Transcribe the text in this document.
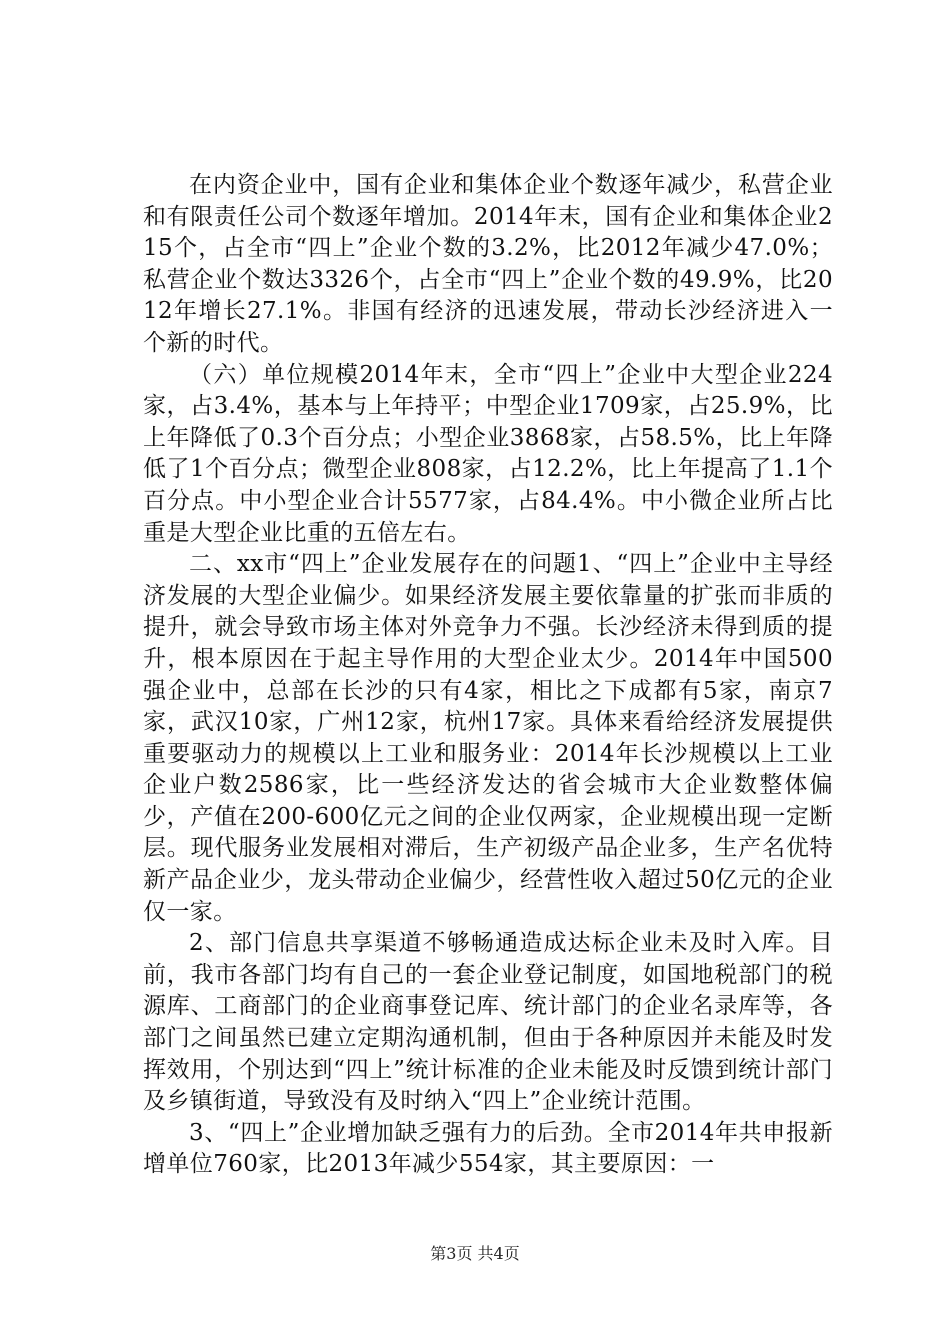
在内资企业中，国有企业和集体企业个数逐年减少，私营企业和有限责任公司个数逐年增加。2014年末，国有企业和集体企业215个，占全市“四上”企业个数的3.2%，比2012年减少47.0%；私营企业个数达3326个，占全市“四上”企业个数的49.9%，比2012年增长27.1%。非国有经济的迅速发展，带动长沙经济进入一个新的时代。

（六）单位规模2014年末，全市“四上”企业中大型企业224家，占3.4%，基本与上年持平；中型企业1709家，占25.9%，比上年降低了0.3个百分点；小型企业3868家，占58.5%，比上年降低了1个百分点；微型企业808家，占12.2%，比上年提高了1.1个百分点。中小型企业合计5577家，占84.4%。中小微企业所占比重是大型企业比重的五倍左右。

二、xx市“四上”企业发展存在的问题1、“四上”企业中主导经济发展的大型企业偏少。如果经济发展主要依靠量的扩张而非质的提升，就会导致市场主体对外竞争力不强。长沙经济未得到质的提升，根本原因在于起主导作用的大型企业太少。2014年中国500强企业中，总部在长沙的只有4家，相比之下成都有5家，南京7家，武汉10家，广州12家，杭州17家。具体来看给经济发展提供重要驱动力的规模以上工业和服务业：2014年长沙规模以上工业企业户数2586家，比一些经济发达的省会城市大企业数整体偏少，产值在200-600亿元之间的企业仅两家，企业规模出现一定断层。现代服务业发展相对滞后，生产初级产品企业多，生产名优特新产品企业少，龙头带动企业偏少，经营性收入超过50亿元的企业仅一家。

2、部门信息共享渠道不够畅通造成达标企业未及时入库。目前，我市各部门均有自己的一套企业登记制度，如国地税部门的税源库、工商部门的企业商事登记库、统计部门的企业名录库等，各部门之间虽然已建立定期沟通机制，但由于各种原因并未能及时发挥效用，个别达到“四上”统计标准的企业未能及时反馈到统计部门及乡镇街道，导致没有及时纳入“四上”企业统计范围。

3、“四上”企业增加缺乏强有力的后劲。全市2014年共申报新增单位760家，比2013年减少554家，其主要原因：一

第3页 共4页
